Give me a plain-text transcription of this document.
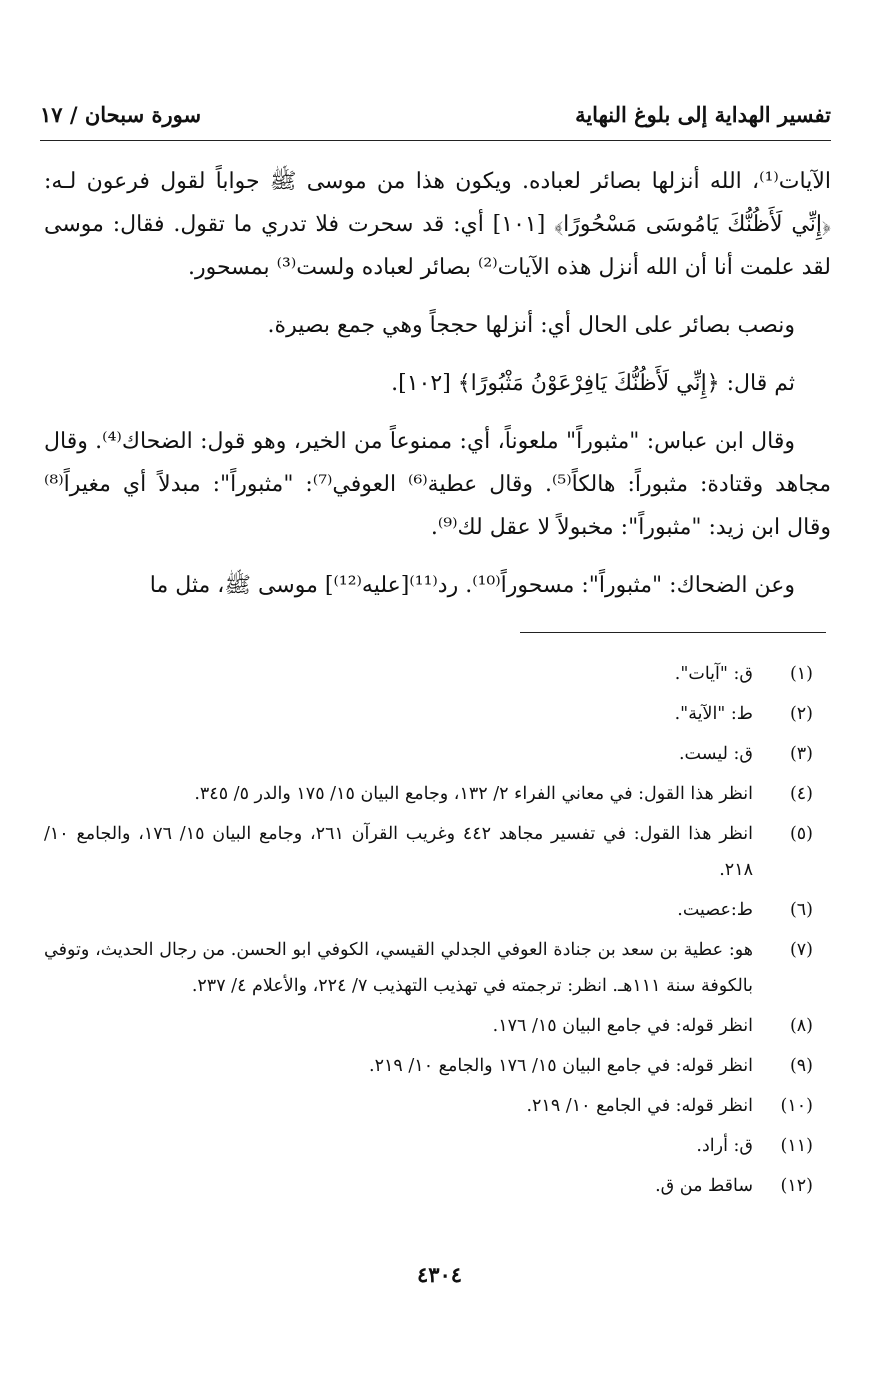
تفسير الهداية إلى بلوغ النهاية
سورة سبحان / ١٧

الآيات⁽¹⁾، الله أنزلها بصائر لعباده. ويكون هذا من موسى ﷺ جواباً لقول فرعون لـه: ﴿إِنِّي لَأَظُنُّكَ يَامُوسَى مَسْحُورًا﴾ [١٠١] أي: قد سحرت فلا تدري ما تقول. فقال: موسى لقد علمت أنا أن الله أنزل هذه الآيات⁽²⁾ بصائر لعباده ولست⁽³⁾ بمسحور.

ونصب بصائر على الحال أي: أنزلها حججاً وهي جمع بصيرة.

ثم قال: ﴿إِنِّي لَأَظُنُّكَ يَافِرْعَوْنُ مَثْبُورًا﴾ [١٠٢].

وقال ابن عباس: "مثبوراً" ملعوناً، أي: ممنوعاً من الخير، وهو قول: الضحاك⁽⁴⁾. وقال مجاهد وقتادة: مثبوراً: هالكاً⁽⁵⁾. وقال عطية⁽⁶⁾ العوفي⁽⁷⁾: "مثبوراً": مبدلاً أي مغيراً⁽⁸⁾ وقال ابن زيد: "مثبوراً": مخبولاً لا عقل لك⁽⁹⁾.

وعن الضحاك: "مثبوراً": مسحوراً⁽¹⁰⁾. رد⁽¹¹⁾[عليه⁽¹²⁾] موسى ﷺ، مثل ما

(١)
ق: "آيات".
(٢)
ط: "الآية".
(٣)
ق: ليست.
(٤)
انظر هذا القول: في معاني الفراء ٢/ ١٣٢، وجامع البيان ١٥/ ١٧٥ والدر ٥/ ٣٤٥.
(٥)
انظر هذا القول: في تفسير مجاهد ٤٤٢ وغريب القرآن ٢٦١، وجامع البيان ١٥/ ١٧٦، والجامع ١٠/ ٢١٨.
(٦)
ط:عصيت.
(٧)
هو: عطية بن سعد بن جنادة العوفي الجدلي القيسي، الكوفي ابو الحسن. من رجال الحديث، وتوفي بالكوفة سنة ١١١هـ. انظر: ترجمته في تهذيب التهذيب ٧/ ٢٢٤، والأعلام ٤/ ٢٣٧.
(٨)
انظر قوله: في جامع البيان ١٥/ ١٧٦.
(٩)
انظر قوله: في جامع البيان ١٥/ ١٧٦ والجامع ١٠/ ٢١٩.
(١٠)
انظر قوله: في الجامع ١٠/ ٢١٩.
(١١)
ق: أراد.
(١٢)
ساقط من ق.
٤٣٠٤
